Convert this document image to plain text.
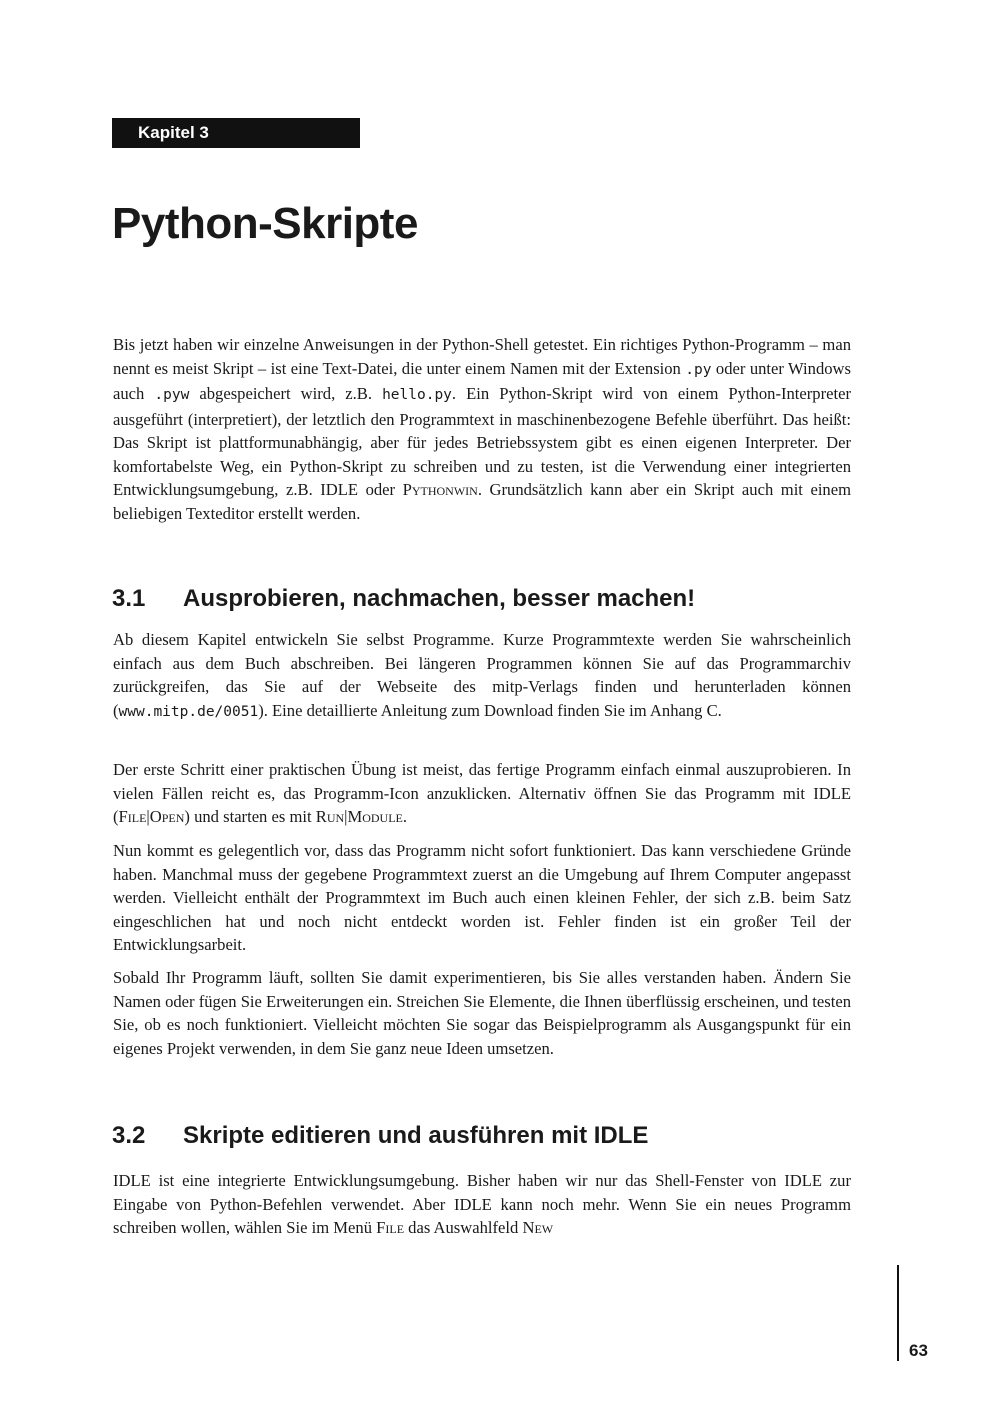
Kapitel 3
Python-Skripte

Bis jetzt haben wir einzelne Anweisungen in der Python-Shell getestet. Ein richtiges Python-Programm – man nennt es meist Skript – ist eine Text-Datei, die unter einem Namen mit der Extension .py oder unter Windows auch .pyw abgespeichert wird, z.B. hello.py. Ein Python-Skript wird von einem Python-Interpreter ausgeführt (interpretiert), der letztlich den Programmtext in maschinenbezogene Befehle überführt. Das heißt: Das Skript ist plattformunabhängig, aber für jedes Betriebssystem gibt es einen eigenen Interpreter. Der komfortabelste Weg, ein Python-Skript zu schreiben und zu testen, ist die Verwendung einer integrierten Entwicklungsumgebung, z.B. IDLE oder Pythonwin. Grundsätzlich kann aber ein Skript auch mit einem beliebigen Texteditor erstellt werden.

3.1 Ausprobieren, nachmachen, besser machen!

Ab diesem Kapitel entwickeln Sie selbst Programme. Kurze Programmtexte werden Sie wahrscheinlich einfach aus dem Buch abschreiben. Bei längeren Programmen können Sie auf das Programmarchiv zurückgreifen, das Sie auf der Webseite des mitp-Verlags finden und herunterladen können (www.mitp.de/0051). Eine detaillierte Anleitung zum Download finden Sie im Anhang C.

Der erste Schritt einer praktischen Übung ist meist, das fertige Programm einfach einmal auszuprobieren. In vielen Fällen reicht es, das Programm-Icon anzuklicken. Alternativ öffnen Sie das Programm mit IDLE (File|Open) und starten es mit Run|Module.

Nun kommt es gelegentlich vor, dass das Programm nicht sofort funktioniert. Das kann verschiedene Gründe haben. Manchmal muss der gegebene Programmtext zuerst an die Umgebung auf Ihrem Computer angepasst werden. Vielleicht enthält der Programmtext im Buch auch einen kleinen Fehler, der sich z.B. beim Satz eingeschlichen hat und noch nicht entdeckt worden ist. Fehler finden ist ein großer Teil der Entwicklungsarbeit.

Sobald Ihr Programm läuft, sollten Sie damit experimentieren, bis Sie alles verstanden haben. Ändern Sie Namen oder fügen Sie Erweiterungen ein. Streichen Sie Elemente, die Ihnen überflüssig erscheinen, und testen Sie, ob es noch funktioniert. Vielleicht möchten Sie sogar das Beispielprogramm als Ausgangspunkt für ein eigenes Projekt verwenden, in dem Sie ganz neue Ideen umsetzen.

3.2 Skripte editieren und ausführen mit IDLE

IDLE ist eine integrierte Entwicklungsumgebung. Bisher haben wir nur das Shell-Fenster von IDLE zur Eingabe von Python-Befehlen verwendet. Aber IDLE kann noch mehr. Wenn Sie ein neues Programm schreiben wollen, wählen Sie im Menü File das Auswahlfeld New

63
